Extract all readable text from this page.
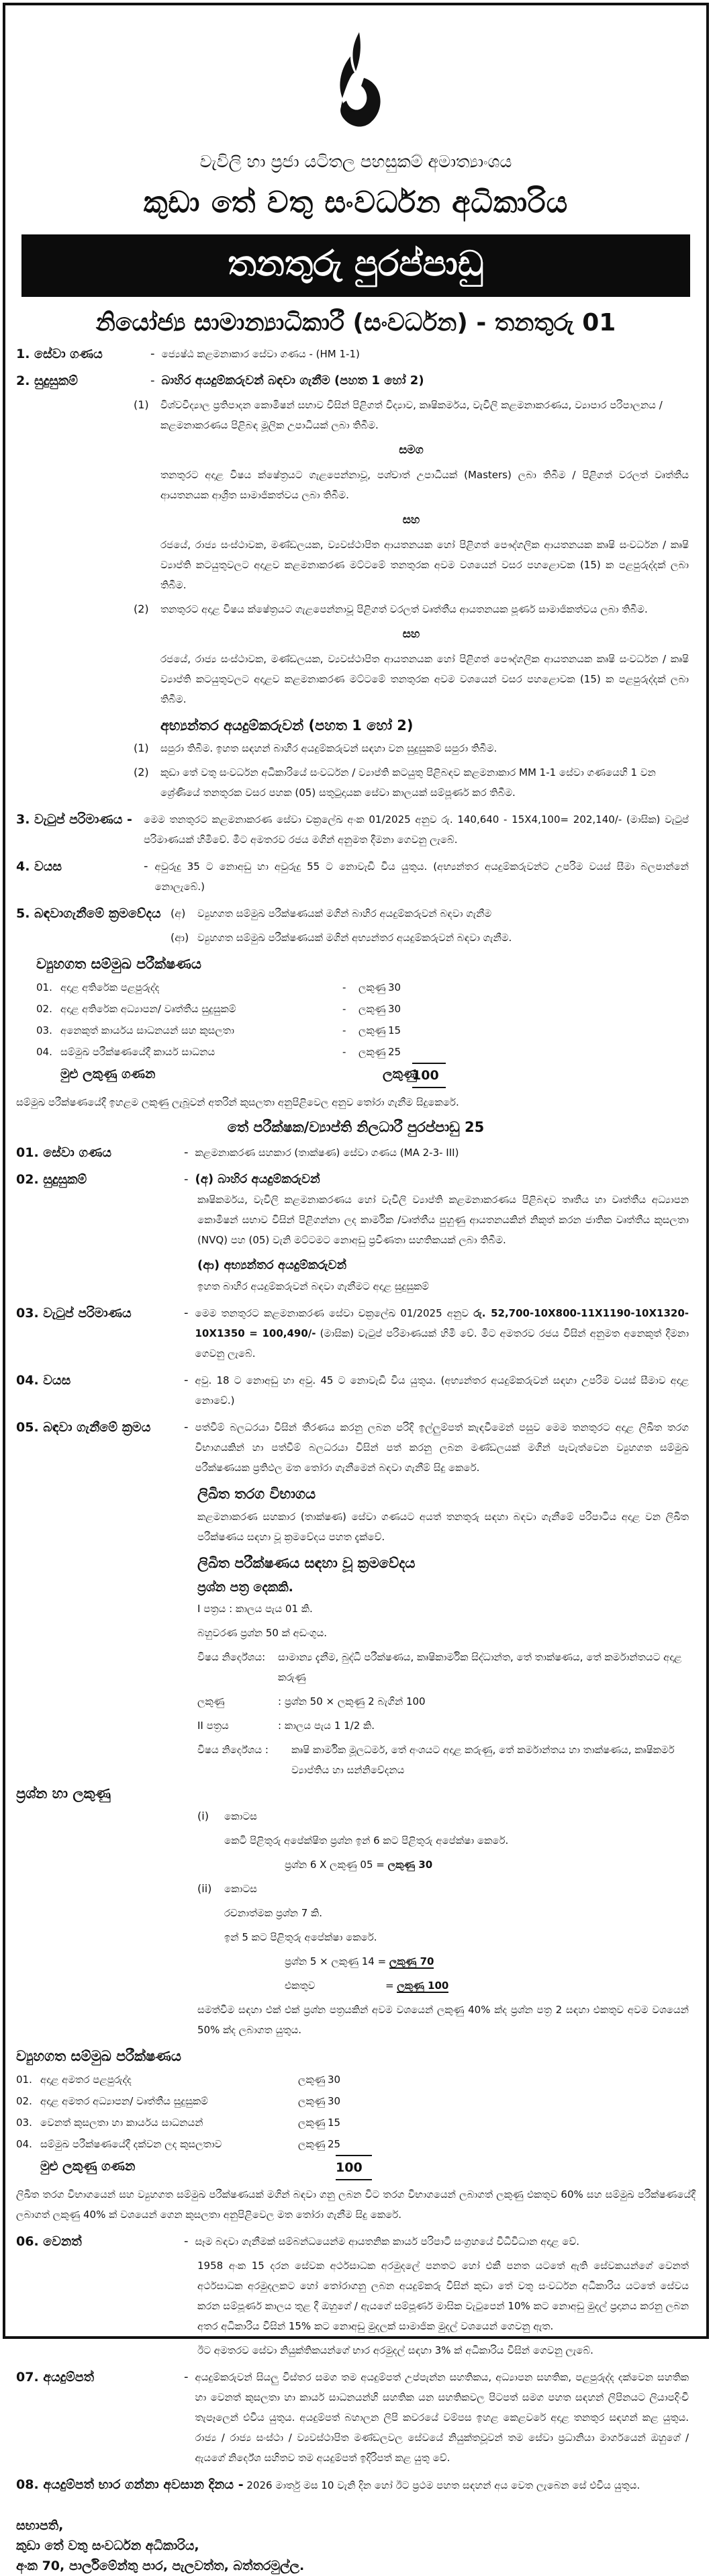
වැවිලි හා ප්‍රජා යටිතල පහසුකම් අමාත්‍යාංශය
කුඩා තේ වතු සංවර්ධන අධිකාරිය
තනතුරු පුරප්පාඩු
නියෝජ්‍ය සාමාන්‍යාධිකාරී (සංවර්ධන) - තනතුරු 01
1. සේවා ගණය	- ජ්‍යෙෂ්ඨ කළමනාකාර සේවා ගණය - (HM 1-1)
2. සුදුසුකම්	- බාහිර අයදුම්කරුවන් බඳවා ගැනීම (පහත 1 හෝ 2)
(1)	විශ්වවිද්‍යාල ප්‍රතිපාදන කොමිෂන් සභාව විසින් පිළිගත් විද්‍යාව, කෘෂිකර්මය, වැවිලි කළමනාකරණය, ව්‍යාපාර පරිපාලනය / කළමනාකරණය පිළිබඳ මූලික උපාධියක් ලබා තිබීම.
සමග
තනතුරට අදාළ විෂය ක්ෂේත්‍රයට ගැළපෙන්නාවූ, පශ්චාත් උපාධියක් (Masters) ලබා තිබීම / පිළිගත් වරලත් වෘත්තීය ආයතනයක ආශ්‍රිත සාමාජිකත්වය ලබා තිබීම.
සහ
රජයේ, රාජ්‍ය සංස්ථාවක, මණ්ඩලයක, ව්‍යවස්ථාපිත ආයතනයක හෝ පිළිගත් පෞද්ගලික ආයතනයක කෘෂි සංවර්ධන / කෘෂි ව්‍යාප්ති කටයුතුවලට අදාළව කළමනාකරණ මට්ටමේ තනතුරක අවම වශයෙන් වසර පහළොවක (15) ක පළපුරුද්දක් ලබා තිබීම.
(2)	තනතුරට අදාළ විෂය ක්ෂේත්‍රයට ගැළපෙන්නාවූ පිළිගත් වරලත් වෘත්තීය ආයතනයක පූර්ණ සාමාජිකත්වය ලබා තිබීම.
සහ
රජයේ, රාජ්‍ය සංස්ථාවක, මණ්ඩලයක, ව්‍යවස්ථාපිත ආයතනයක හෝ පිළිගත් පෞද්ගලික ආයතනයක කෘෂි සංවර්ධන / කෘෂි ව්‍යාප්ති කටයුතුවලට අදාළව කළමනාකරණ මට්ටමේ තනතුරක අවම වශයෙන් වසර පහළොවක (15) ක පළපුරුද්දක් ලබා තිබීම.
අභ්‍යන්තර අයදුම්කරුවන් (පහත 1 හෝ 2)
(1)	සපුරා තිබීම. ඉහත සඳහන් බාහිර අයදුම්කරුවන් සඳහා වන සුදුසුකම් සපුරා තිබීම.
(2)	කුඩා තේ වතු සංවර්ධන අධිකාරියේ සංවර්ධන / ව්‍යාප්ති කටයුතු පිළිබඳව කළමනාකාර MM 1-1 සේවා ගණයෙහි 1 වන ශ්‍රේණියේ තනතුරක වසර පහක (05) සතුටුදායක සේවා කාලයක් සම්පූර්ණ කර තිබීම.
3. වැටුප් පරිමාණය -	මෙම තනතුරට කළමනාකරණ සේවා චක්‍රලේඛ අංක 01/2025 අනුව රු. 140,640 - 15X4,100= 202,140/- (මාසික) වැටුප් පරිමාණයක් හිමිවේ. මීට අමතරව රජය මගින් අනුමත දීමනා ගෙවනු ලැබේ.
4. වයස	- අවුරුදු 35 ට නොඅඩු හා අවුරුදු 55 ට නොවැඩි විය යුතුය. (අභ්‍යන්තර අයදුම්කරුවන්ට උපරිම වයස් සීමා බලපාන්නේ නොලැබේ.)
5. බඳවාගැනීමේ ක්‍රමවේදය (අ)	ව්‍යුහගත සම්මුඛ පරීක්ෂණයක් මගින් බාහිර අයදුම්කරුවන් බඳවා ගැනීම
(ආ) ව්‍යුහගත සම්මුඛ පරීක්ෂණයක් මගින් අභ්‍යන්තර අයදුම්කරුවන් බඳවා ගැනීම.
ව්‍යුහගත සම්මුඛ පරීක්ෂණය
01. අදාළ අතිරේක පළපුරුද්ද	-	ලකුණු 30
02. අදාළ අතිරේක අධ්‍යාපන/ වෘත්තීය සුදුසුකම්	-	ලකුණු 30
03. අනෙකුත් කාර්යය සාධනයන් සහ කුසලතා	-	ලකුණු 15
04. සම්මුඛ පරීක්ෂණයේදී කාර්ය සාධනය	-	ලකුණු 25
මුළු ලකුණු ගණන	ලකුණු
100
සම්මුඛ පරීක්ෂණයේදී ඉහළම ලකුණු ලැබූවන් අතරින් කුසලතා අනුපිළිවෙල අනුව තෝරා ගැනීම සිදුකෙරේ.
තේ පරීක්ෂක/ව්‍යාප්ති නිලධාරී පුරප්පාඩු 25
01. සේවා ගණය	- කළමනාකරණ සහකාර (තාක්ෂණ) සේවා ගණය (MA 2-3- III)
02. සුදුසුකම්	- (අ) බාහිර අයදුම්කරුවන්
කෘෂිකර්මය, වැවිලි කළමනාකරණය හෝ වැවිලි ව්‍යාප්ති කළමනාකරණය පිළිබඳව තෘතීය හා වෘත්තීය අධ්‍යාපන කොමිෂන් සභාව විසින් පිළිගන්නා ලද කාර්මික /වෘත්තීය පුහුණු ආයතනයකින් නිකුත් කරන ජාතික වෘත්තීය කුසලතා (NVQ) පහ (05) වැනි මට්ටමට නොඅඩු ප්‍රවීණතා සහතිකයක් ලබා තිබීම.
(ආ) අභ්‍යන්තර අයදුම්කරුවන්
ඉහත බාහිර අයදුම්කරුවන් බඳවා ගැනීමට අදාළ සුදුසුකම්
03. වැටුප් පරිමාණය	- මෙම තනතුරට කළමනාකරණ සේවා චක්‍රලේඛ 01/2025 අනුව රු. 52,700-10X800-11X1190-10X1320-10X1350 = 100,490/- (මාසික) වැටුප් පරිමාණයක් හිමි වේ. මීට අමතරව රජය විසින් අනුමත අනෙකුත් දීමනා ගෙවනු ලැබේ.
04. වයස	- අවු. 18 ට නොඅඩු හා අවු. 45 ට නොවැඩි විය යුතුය. (අභ්‍යන්තර අයදුම්කරුවන් සඳහා උපරිම වයස් සීමාව අදාළ නොවේ.)
05. බඳවා ගැනීමේ ක්‍රමය	- පත්වීම් බලධරයා විසින් තීරණය කරනු ලබන පරිදි ඉල්ලුම්පත් කැඳවීමෙන් පසුව මෙම තනතුරට අදාළ ලිඛිත තරග විභාගයකින් හා පත්වීම් බලධරයා විසින් පත් කරනු ලබන මණ්ඩලයක් මගින් පැවැත්වෙන ව්‍යුහගත සම්මුඛ පරීක්ෂණයක ප්‍රතිඵල මත තෝරා ගැනීමෙන් බඳවා ගැනීම් සිදු කෙරේ.
ලිඛිත තරග විභාගය
කළමනාකරණ සහකාර (තාක්ෂණ) සේවා ගණයට අයත් තනතුරු සඳහා බඳවා ගැනීමේ පරිපාටිය අදාළ වන ලිඛිත පරීක්ෂණය සඳහා වූ ක්‍රමවේදය පහත දැක්වේ.
ලිඛිත පරීක්ෂණය සඳහා වූ ක්‍රමවේදය
ප්‍රශ්න පත්‍ර දෙකකි.
I පත්‍රය : කාලය පැය 01 කි.
බහුවරණ ප්‍රශ්න 50 ක් අඩංගුය.
විෂය නිර්දේශය:	සාමාන්‍ය දැනීම, බුද්ධි පරීක්ෂණය, කෘෂිකාර්මික සිද්ධාන්ත, තේ තාක්ෂණය, තේ කර්මාන්තයට අදාළ කරුණු
ලකුණු	: ප්‍රශ්න 50 × ලකුණු 2 බැගින් 100
II පත්‍රය	: කාලය පැය 1 1/2 කි.
විෂය නිර්දේශය :	කෘෂි කාර්මික මූලධර්ම, තේ අංශයට අදාළ කරුණු, තේ කර්මාන්තය හා තාක්ෂණය, කෘෂිකර්ම ව්‍යාප්තිය හා සන්නිවේදනය
ප්‍රශ්න හා ලකුණු
(i)	කොටස
කෙටි පිළිතුරු අපේක්ෂිත ප්‍රශ්න ඉන් 6 කට පිළිතුරු අපේක්ෂා කෙරේ.
ප්‍රශ්න 6 X ලකුණු 05 = ලකුණු 30
(ii)	කොටස
රචනාත්මක ප්‍රශ්න 7 කි.
ඉන් 5 කට පිළිතුරු අපේක්ෂා කෙරේ.
ප්‍රශ්න 5 × ලකුණු 14 = ලකුණු 70
එකතුව	= ලකුණු 100
සමත්වීම සඳහා එක් එක් ප්‍රශ්න පත්‍රයකින් අවම වශයෙන් ලකුණු 40% ක්ද ප්‍රශ්න පත්‍ර 2 සඳහා එකතුව අවම වශයෙන් 50% ක්ද ලබාගත යුතුය.
ව්‍යුහගත සම්මුඛ පරීක්ෂණය
01. අදාළ අමතර පළපුරුද්ද	ලකුණු 30
02. අදාළ අමතර අධ්‍යාපන/ වෘත්තීය සුදුසුකම්	ලකුණු 30
03. වෙනත් කුසලතා හා කාර්යය සාධනයන්	ලකුණු 15
04. සම්මුඛ පරීක්ෂණයේදී දක්වන ලද කුසලතාව	ලකුණු 25
මුළු ලකුණු ගණන	100
ලිඛිත තරග විභාගයෙන් සහ ව්‍යුහගත සම්මුඛ පරීක්ෂණයක් මගින් බඳවා ගනු ලබන විට තරග විභාගයෙන් ලබාගත් ලකුණු එකතුව 60% සහ සම්මුඛ පරීක්ෂණයේදී ලබාගත් ලකුණු 40% ක් වශයෙන් ගෙන කුසලතා අනුපිළිවෙල මත තෝරා ගැනීම සිදු කෙරේ.
06. වෙනත්	- සෑම බඳවා ගැනීමක් සම්බන්ධයෙන්ම ආයතනික කාර්ය පරිපාටි සංග්‍රහයේ විධිවිධාන අදාළ වේ.
1958 අංක 15 දරන සේවක අර්ථසාධක අරමුදලේ පනතට හෝ එකී පනත යටතේ ඇති සේවකයන්ගේ වෙනත් අර්ථසාධක අරමුදලකට හෝ තෝරාගනු ලබන අයදුම්කරු විසින් කුඩා තේ වතු සංවර්ධන අධිකාරිය යටතේ සේවය කරන සම්පූර්ණ කාලය තුළ දී ඔහුගේ / ඇයගේ සම්පූර්ණ මාසික වැටුපෙන් 10% කට නොඅඩු මුදල් ප්‍රදානය කරනු ලබන අතර අධිකාරිය විසින් 15% කට නොඅඩු මුදලක් සාමාජික මුදල් වශයෙන් ගෙවනු ඇත.
ඊට අමතරව සේවා නියුක්තිකයන්ගේ භාර අරමුදල් සඳහා 3% ක් අධිකාරිය විසින් ගෙවනු ලැබේ.
07. අයදුම්පත්	- අයදුම්කරුවන් සියලු විස්තර සමග තම අයදුම්පත් උප්පැන්න සහතිකය, අධ්‍යාපන සහතික, පළපුරුද්ද දක්වෙන සහතික හා වෙනත් කුසලතා හා කාර්ය සාධනයන්හි සහතික යන සහතිකවල පිටපත් සමග පහත සඳහන් ලිපිනයට ලියාපදිංචි තැපෑලෙන් එවිය යුතුය. අයදුම්පත් බහාලන ලිපි කවරයේ වම්පස ඉහළ කෙළවරේ අදාළ තනතුර සඳහන් කළ යුතුය. රාජ්‍ය / රාජ්‍ය සංස්ථා / ව්‍යවස්ථාපිත මණ්ඩලවල සේවයේ නියුක්තවූවන් තම සේවා ප්‍රධානියා මාර්ගයෙන් ඔහුගේ / ඇයගේ නිර්දේශ සහිතව තම අයදුම්පත් ඉදිරිපත් කළ යුතු වේ.
08. අයදුම්පත් භාර ගන්නා අවසාන දිනය - 2026 මාර්තු මස 10 වැනි දින හෝ ඊට ප්‍රථම පහත සඳහන් අය වෙත ලැබෙන සේ එවිය යුතුය.
සභාපති,
කුඩා තේ වතු සංවර්ධන අධිකාරිය,
අංක 70, පාර්ලිමේන්තු පාර, පැලවත්ත, බත්තරමුල්ල.
